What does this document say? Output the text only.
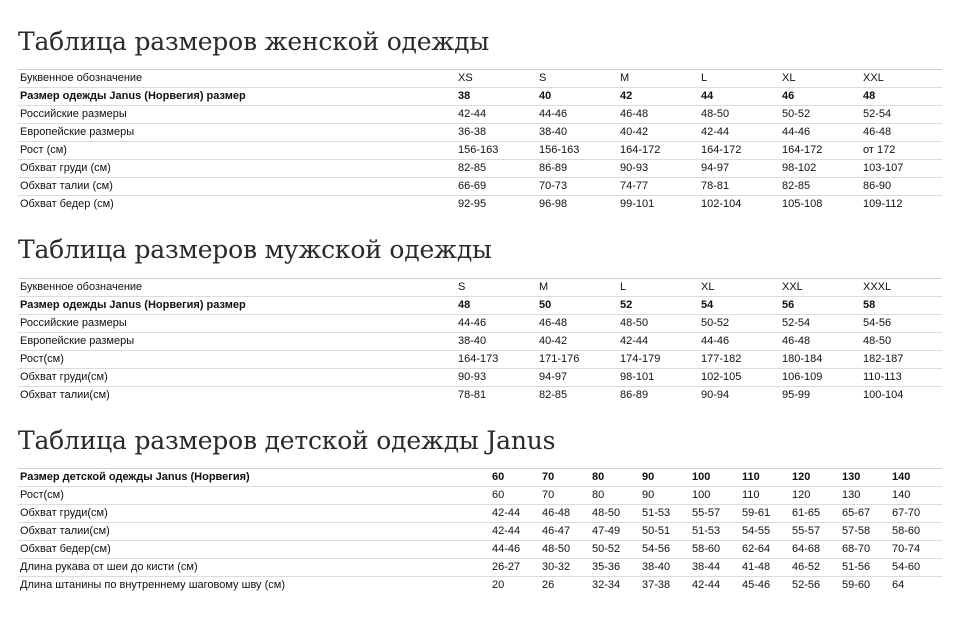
Таблица размеров женской одежды
Буквенное обозначение	XS	S	M	L	XL	XXL
Размер одежды Janus (Норвегия) размер	38	40	42	44	46	48
Российские размеры	42-44	44-46	46-48	48-50	50-52	52-54
Европейские размеры	36-38	38-40	40-42	42-44	44-46	46-48
Рост (см)	156-163	156-163	164-172	164-172	164-172	от 172
Обхват груди (см)	82-85	86-89	90-93	94-97	98-102	103-107
Обхват талии (см)	66-69	70-73	74-77	78-81	82-85	86-90
Обхват бедер (см)	92-95	96-98	99-101	102-104	105-108	109-112
Таблица размеров мужской одежды
Буквенное обозначение	S	M	L	XL	XXL	XXXL
Размер одежды Janus (Норвегия) размер	48	50	52	54	56	58
Российские размеры	44-46	46-48	48-50	50-52	52-54	54-56
Европейские размеры	38-40	40-42	42-44	44-46	46-48	48-50
Рост(см)	164-173	171-176	174-179	177-182	180-184	182-187
Обхват груди(см)	90-93	94-97	98-101	102-105	106-109	110-113
Обхват талии(см)	78-81	82-85	86-89	90-94	95-99	100-104
Таблица размеров детской одежды Janus
Размер детской одежды Janus (Норвегия)	60	70	80	90	100	110	120	130	140
Рост(см)	60	70	80	90	100	110	120	130	140
Обхват груди(см)	42-44	46-48	48-50	51-53	55-57	59-61	61-65	65-67	67-70
Обхват талии(см)	42-44	46-47	47-49	50-51	51-53	54-55	55-57	57-58	58-60
Обхват бедер(см)	44-46	48-50	50-52	54-56	58-60	62-64	64-68	68-70	70-74
Длина рукава от шеи до кисти (см)	26-27	30-32	35-36	38-40	38-44	41-48	46-52	51-56	54-60
Длина штанины по внутреннему шаговому шву (см)	20	26	32-34	37-38	42-44	45-46	52-56	59-60	64
